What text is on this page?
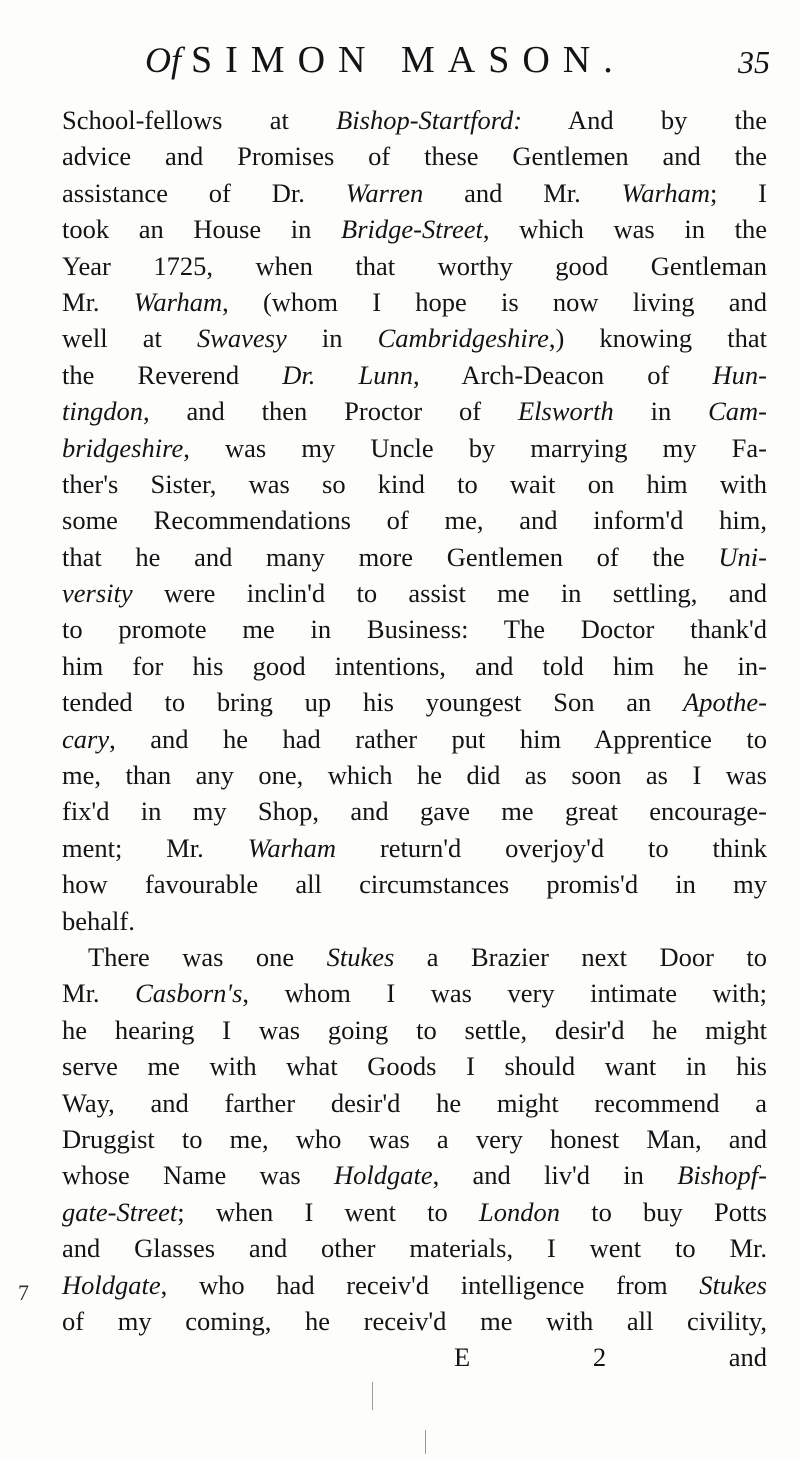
Of SIMON MASON.	35
School-fellows at Bishop-Startford: And by the
advice and Promises of these Gentlemen and the
assistance of Dr. Warren and Mr. Warham; I
took an House in Bridge-Street, which was in the
Year 1725, when that worthy good Gentleman
Mr. Warham, (whom I hope is now living and
well at Swavesy in Cambridgeshire,) knowing that
the Reverend Dr. Lunn, Arch-Deacon of Hun-
tingdon, and then Proctor of Elsworth in Cam-
bridgeshire, was my Uncle by marrying my Fa-
ther's Sister, was so kind to wait on him with
some Recommendations of me, and inform'd him,
that he and many more Gentlemen of the Uni-
versity were inclin'd to assist me in settling, and
to promote me in Business: The Doctor thank'd
him for his good intentions, and told him he in-
tended to bring up his youngest Son an Apothe-
cary, and he had rather put him Apprentice to
me, than any one, which he did as soon as I was
fix'd in my Shop, and gave me great encourage-
ment; Mr. Warham return'd overjoy'd to think
how favourable all circumstances promis'd in my
behalf.
There was one Stukes a Brazier next Door to
Mr. Casborn's, whom I was very intimate with;
he hearing I was going to settle, desir'd he might
serve me with what Goods I should want in his
Way, and farther desir'd he might recommend a
Druggist to me, who was a very honest Man, and
whose Name was Holdgate, and liv'd in Bishopf-
gate-Street; when I went to London to buy Potts
and Glasses and other materials, I went to Mr.
Holdgate, who had receiv'd intelligence from Stukes
of my coming, he receiv'd me with all civility,
E 2	and
7
